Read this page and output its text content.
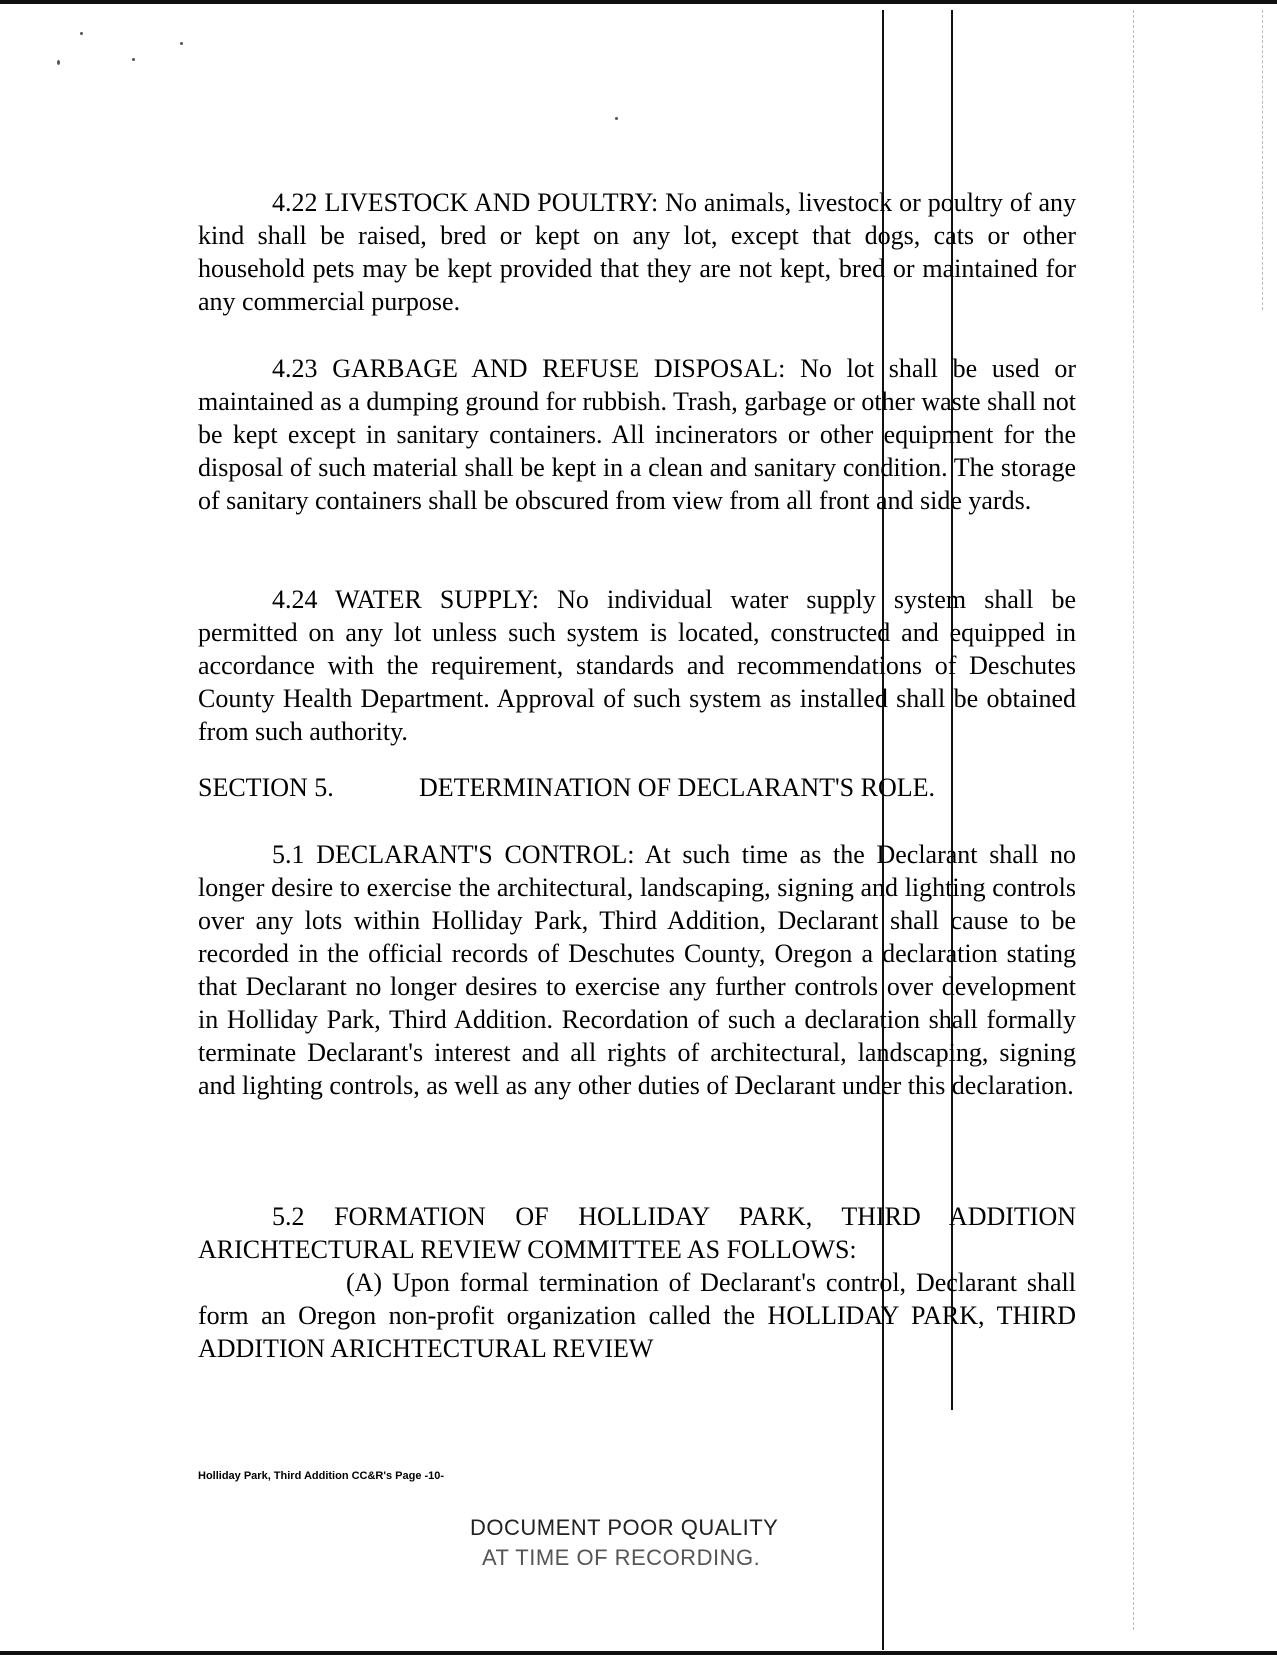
4.22 LIVESTOCK AND POULTRY: No animals, livestock or poultry of any kind shall be raised, bred or kept on any lot, except that dogs, cats or other household pets may be kept provided that they are not kept, bred or maintained for any commercial purpose.

4.23 GARBAGE AND REFUSE DISPOSAL: No lot shall be used or maintained as a dumping ground for rubbish. Trash, garbage or other waste shall not be kept except in sanitary containers. All incinerators or other equipment for the disposal of such material shall be kept in a clean and sanitary condition. The storage of sanitary containers shall be obscured from view from all front and side yards.

4.24 WATER SUPPLY: No individual water supply system shall be permitted on any lot unless such system is located, constructed and equipped in accordance with the requirement, standards and recommendations of Deschutes County Health Department. Approval of such system as installed shall be obtained from such authority.

SECTION 5.	DETERMINATION OF DECLARANT'S ROLE.

5.1 DECLARANT'S CONTROL: At such time as the Declarant shall no longer desire to exercise the architectural, landscaping, signing and lighting controls over any lots within Holliday Park, Third Addition, Declarant shall cause to be recorded in the official records of Deschutes County, Oregon a declaration stating that Declarant no longer desires to exercise any further controls over development in Holliday Park, Third Addition. Recordation of such a declaration shall formally terminate Declarant's interest and all rights of architectural, landscaping, signing and lighting controls, as well as any other duties of Declarant under this declaration.

5.2 FORMATION OF HOLLIDAY PARK, THIRD ADDITION ARICHTECTURAL REVIEW COMMITTEE AS FOLLOWS:

(A) Upon formal termination of Declarant's control, Declarant shall form an Oregon non-profit organization called the HOLLIDAY PARK, THIRD ADDITION ARICHTECTURAL REVIEW

Holliday Park, Third Addition CC&R's Page -10-
DOCUMENT POOR QUALITY
AT TIME OF RECORDING.
